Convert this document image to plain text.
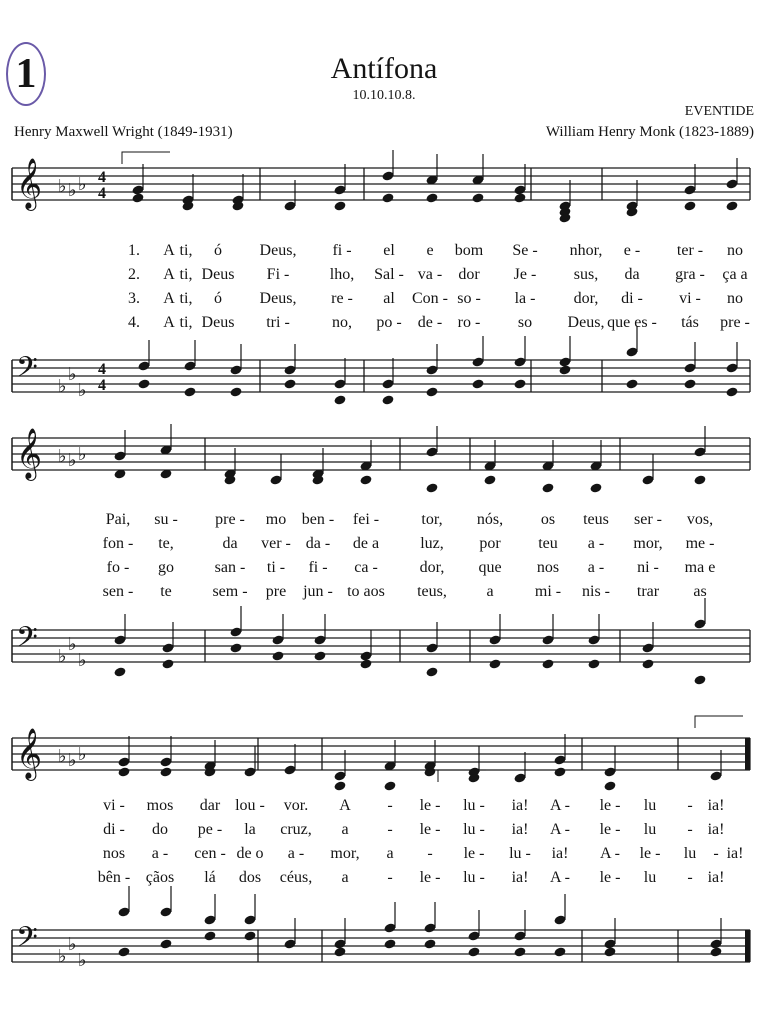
1	Antífona
10.10.10.8.
EVENTIDE
Henry Maxwell Wright (1849-1931)	William Henry Monk (1823-1889)
𝄞 ♭ ♭ ♭ 4
4
𝄢 ♭
♭
♭
4
4
𝄞 ♭ ♭ ♭
𝄢 ♭
♭
♭
𝄞 ♭ ♭ ♭
𝄢 ♭
♭
♭
1. A ti, ó Deus, fi - el e bom Se - nhor, e - ter - no
2. A ti, Deus Fi -	lho, Sal - va - dor Je - sus, da gra - ça a
3. A ti, ó Deus, re - al Con - so - la - dor, di - vi - no
4. A ti, Deus tri -	no, po - de - ro - so Deus, que es - tás pre -
Pai, su - pre - mo ben - fei -	tor, nós, os teus ser - vos,
fon - te,	da ver - da - de a	luz, por teu a - mor, me -
fo - go	san - ti - fi - ca -	dor, que nos a - ni - ma e
sen - te	sem - pre jun - to aos teus, a	mi - nis - trar as
vi - mos dar lou - vor. A - le - lu - ia! A - le - lu - ia!
di - do pe - la cruz, a - le - lu - ia! A - le - lu - ia!
nos a - cen - de o a - mor, a - le - lu - ia! A - le - lu - ia!
bên - çãos lá dos céus, a - le - lu - ia! A - le - lu - ia!
